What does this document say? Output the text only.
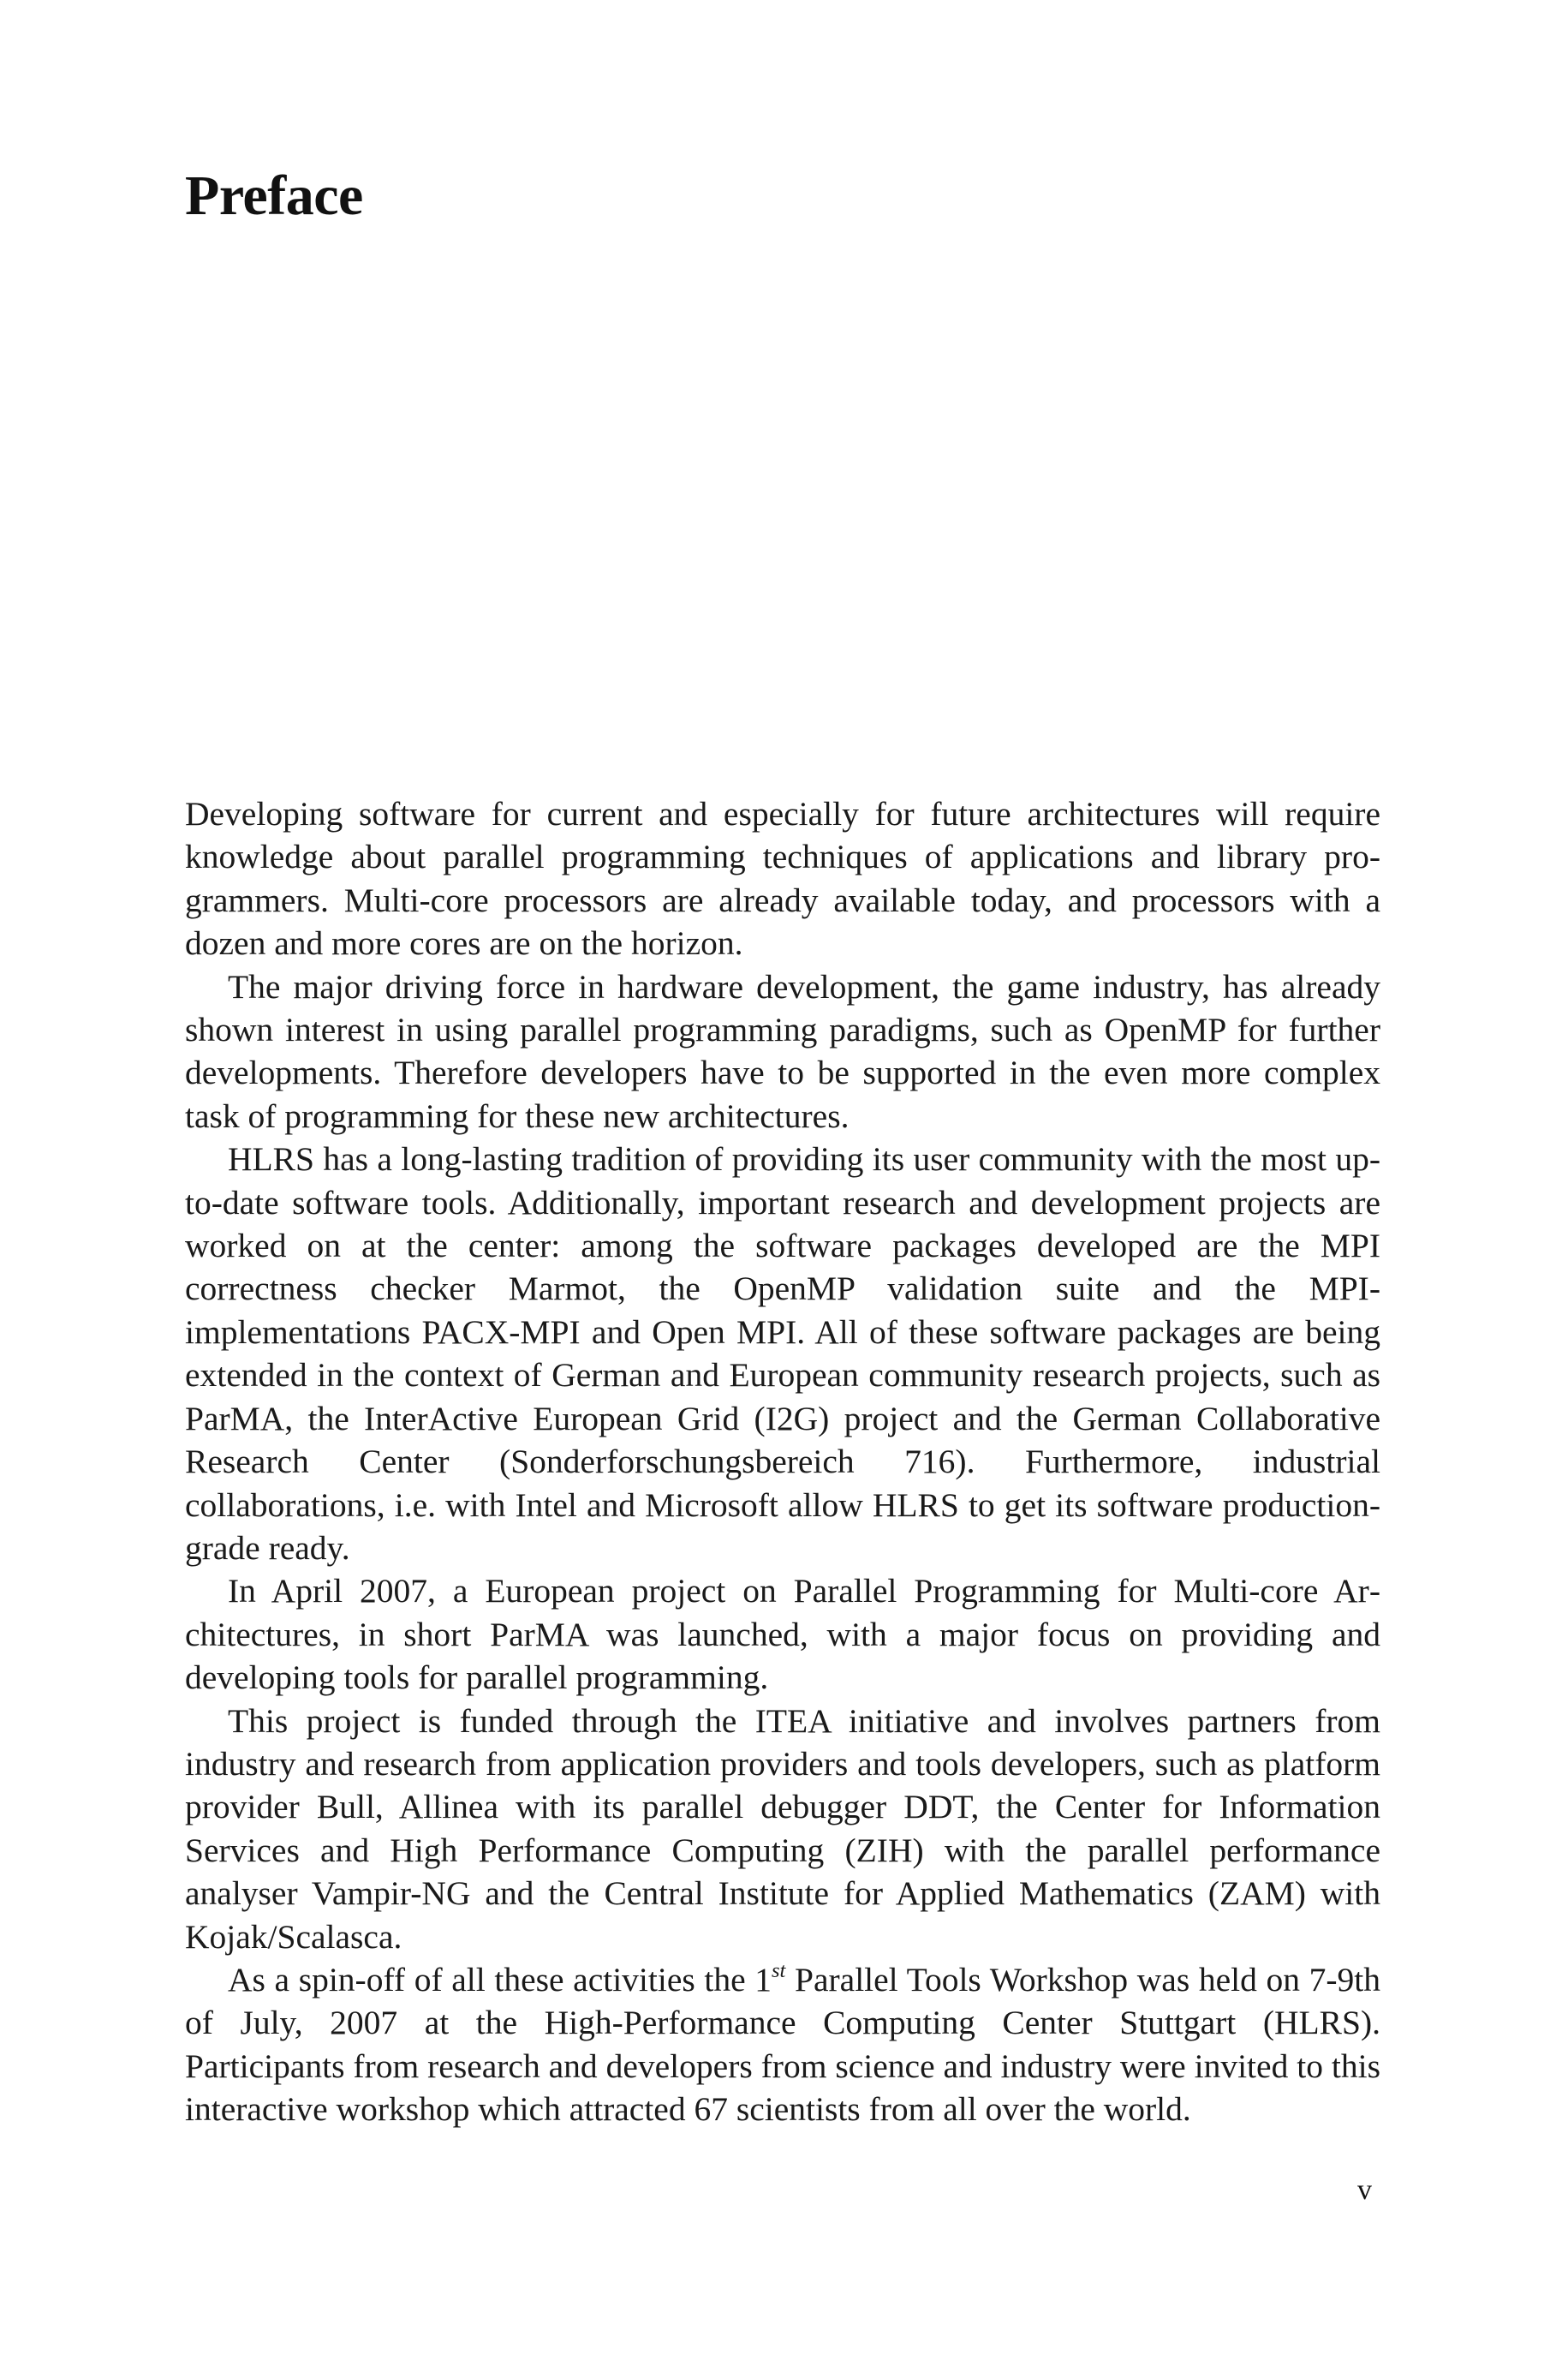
Preface

Developing software for current and especially for future architectures will require knowledge about parallel programming techniques of applications and library programmers. Multi-core processors are already available today, and processors with a dozen and more cores are on the horizon.

The major driving force in hardware development, the game industry, has already shown interest in using parallel programming paradigms, such as OpenMP for further developments. Therefore developers have to be supported in the even more complex task of programming for these new architectures.

HLRS has a long-lasting tradition of providing its user community with the most up-to-date software tools. Additionally, important research and development projects are worked on at the center: among the software packages developed are the MPI correctness checker Marmot, the OpenMP validation suite and the MPI-implementations PACX-MPI and Open MPI. All of these software packages are being extended in the context of German and European community research projects, such as ParMA, the InterActive European Grid (I2G) project and the German Collaborative Research Center (Sonderforschungsbereich 716). Furthermore, industrial collaborations, i.e. with Intel and Microsoft allow HLRS to get its software production-grade ready.

In April 2007, a European project on Parallel Programming for Multi-core Architectures, in short ParMA was launched, with a major focus on providing and developing tools for parallel programming.

This project is funded through the ITEA initiative and involves partners from industry and research from application providers and tools developers, such as platform provider Bull, Allinea with its parallel debugger DDT, the Center for Information Services and High Performance Computing (ZIH) with the parallel performance analyser Vampir-NG and the Central Institute for Applied Mathematics (ZAM) with Kojak/Scalasca.

As a spin-off of all these activities the 1st Parallel Tools Workshop was held on 7-9th of July, 2007 at the High-Performance Computing Center Stuttgart (HLRS). Participants from research and developers from science and industry were invited to this interactive workshop which attracted 67 scientists from all over the world.

v
